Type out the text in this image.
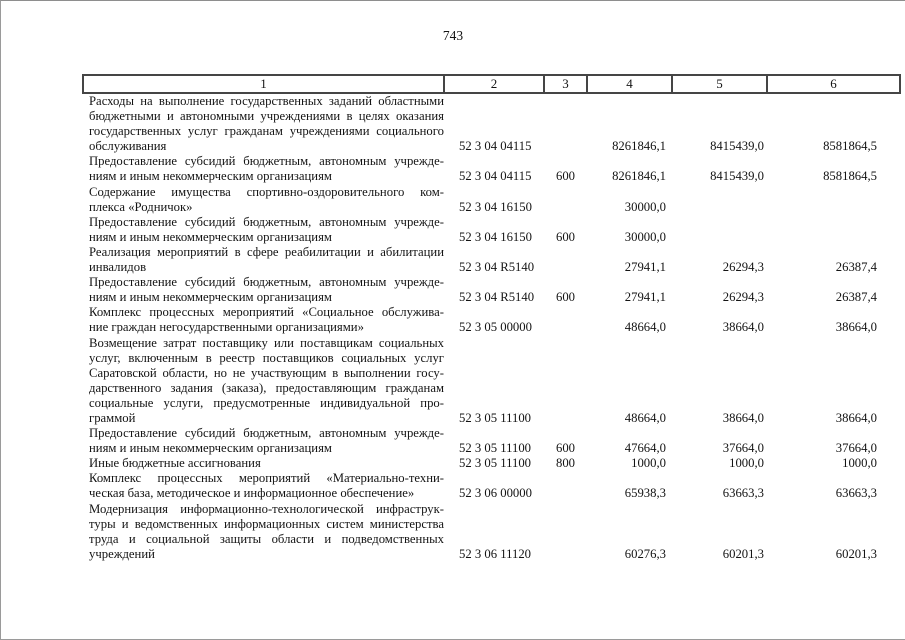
743
1	2	3	4	5	6

Расходы на выполнение государственных заданий областными
бюджетными и автономными учреждениями в целях оказания
государственных услуг гражданам учреждениями социального
обслуживания	52 3 04 04115		8261846,1	8415439,0	8581864,5

Предоставление субсидий бюджетным, автономным учрежде-
ниям и иным некоммерческим организациям	52 3 04 04115	600	8261846,1	8415439,0	8581864,5

Содержание имущества спортивно-оздоровительного ком-
плекса «Родничок»	52 3 04 16150		30000,0		

Предоставление субсидий бюджетным, автономным учрежде-
ниям и иным некоммерческим организациям	52 3 04 16150	600	30000,0		

Реализация мероприятий в сфере реабилитации и абилитации
инвалидов	52 3 04 R5140		27941,1	26294,3	26387,4

Предоставление субсидий бюджетным, автономным учрежде-
ниям и иным некоммерческим организациям	52 3 04 R5140	600	27941,1	26294,3	26387,4

Комплекс процессных мероприятий «Социальное обслужива-
ние граждан негосударственными организациями»	52 3 05 00000		48664,0	38664,0	38664,0

Возмещение затрат поставщику или поставщикам социальных
услуг, включенным в реестр поставщиков социальных услуг
Саратовской области, но не участвующим в выполнении госу-
дарственного задания (заказа), предоставляющим гражданам
социальные услуги, предусмотренные индивидуальной про-
граммой	52 3 05 11100		48664,0	38664,0	38664,0

Предоставление субсидий бюджетным, автономным учрежде-
ниям и иным некоммерческим организациям	52 3 05 11100	600	47664,0	37664,0	37664,0

Иные бюджетные ассигнования	52 3 05 11100	800	1000,0	1000,0	1000,0

Комплекс процессных мероприятий «Материально-техни-
ческая база, методическое и информационное обеспечение»	52 3 06 00000		65938,3	63663,3	63663,3

Модернизация информационно-технологической инфраструк-
туры и ведомственных информационных систем министерства
труда и социальной защиты области и подведомственных
учреждений	52 3 06 11120		60276,3	60201,3	60201,3
